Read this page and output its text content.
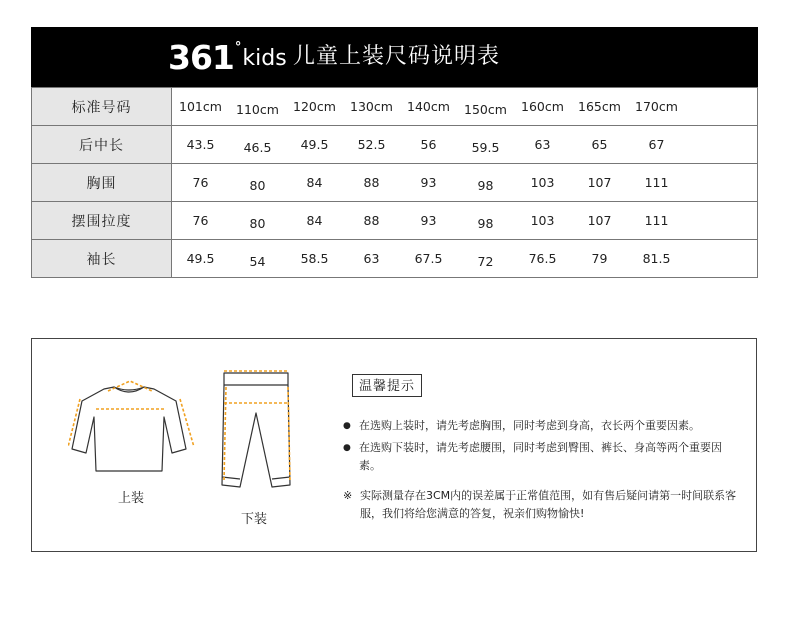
361 ° kids 儿童上装尺码说明表
标准号码	101cm	110cm	120cm	130cm	140cm	150cm	160cm	165cm	170cm	
后中长	43.5	46.5	49.5	52.5	56	59.5	63	65	67	
胸围	76	80	84	88	93	98	103	107	111	
摆围拉度	76	80	84	88	93	98	103	107	111	
袖长	49.5	54	58.5	63	67.5	72	76.5	79	81.5	
上装
下装
温馨提示
● 在选购上装时，请先考虑胸围，同时考虑到身高，衣长两个重要因素。
● 在选购下装时，请先考虑腰围，同时考虑到臀围、裤长、身高等两个重要因素。
※ 实际测量存在3CM内的误差属于正常值范围，如有售后疑问请第一时间联系客服，我们将给您满意的答复，祝亲们购物愉快!
